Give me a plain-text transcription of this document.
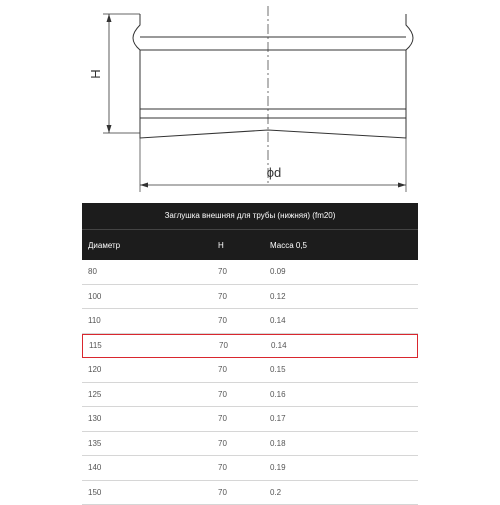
H
ϕd
Заглушка внешняя для трубы (нижняя) (fm20)
Диаметр	H	Масса 0,5
80	70	0.09
100	70	0.12
110	70	0.14
115	70	0.14
120	70	0.15
125	70	0.16
130	70	0.17
135	70	0.18
140	70	0.19
150	70	0.2
